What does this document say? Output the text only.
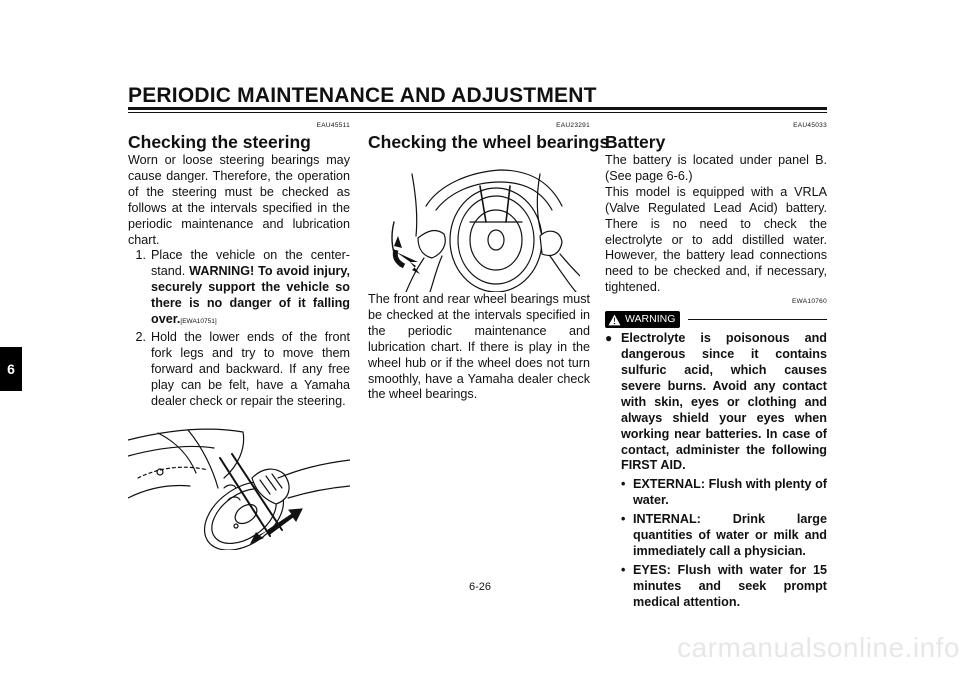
PERIODIC MAINTENANCE AND ADJUSTMENT
6
EAU45511
Checking the steering
Worn or loose steering bearings may cause danger. Therefore, the operation of the steering must be checked as follows at the intervals specified in the periodic maintenance and lubrication chart.
1. Place the vehicle on the center-stand. WARNING! To avoid injury, securely support the vehicle so there is no danger of it falling over.[EWA10751]
2. Hold the lower ends of the front fork legs and try to move them forward and backward. If any free play can be felt, have a Yamaha dealer check or repair the steering.
EAU23291
Checking the wheel bearings
The front and rear wheel bearings must be checked at the intervals specified in the periodic maintenance and lubrication chart. If there is play in the wheel hub or if the wheel does not turn smoothly, have a Yamaha dealer check the wheel bearings.
EAU45033
Battery
The battery is located under panel B. (See page 6-6.)
This model is equipped with a VRLA (Valve Regulated Lead Acid) battery. There is no need to check the electrolyte or to add distilled water. However, the battery lead connections need to be checked and, if necessary, tightened.
EWA10760
WARNING
● Electrolyte is poisonous and dangerous since it contains sulfuric acid, which causes severe burns. Avoid any contact with skin, eyes or clothing and always shield your eyes when working near batteries. In case of contact, administer the following FIRST AID.
• EXTERNAL: Flush with plenty of water.
• INTERNAL: Drink large quantities of water or milk and immediately call a physician.
• EYES: Flush with water for 15 minutes and seek prompt medical attention.
6-26
carmanualsonline.info
